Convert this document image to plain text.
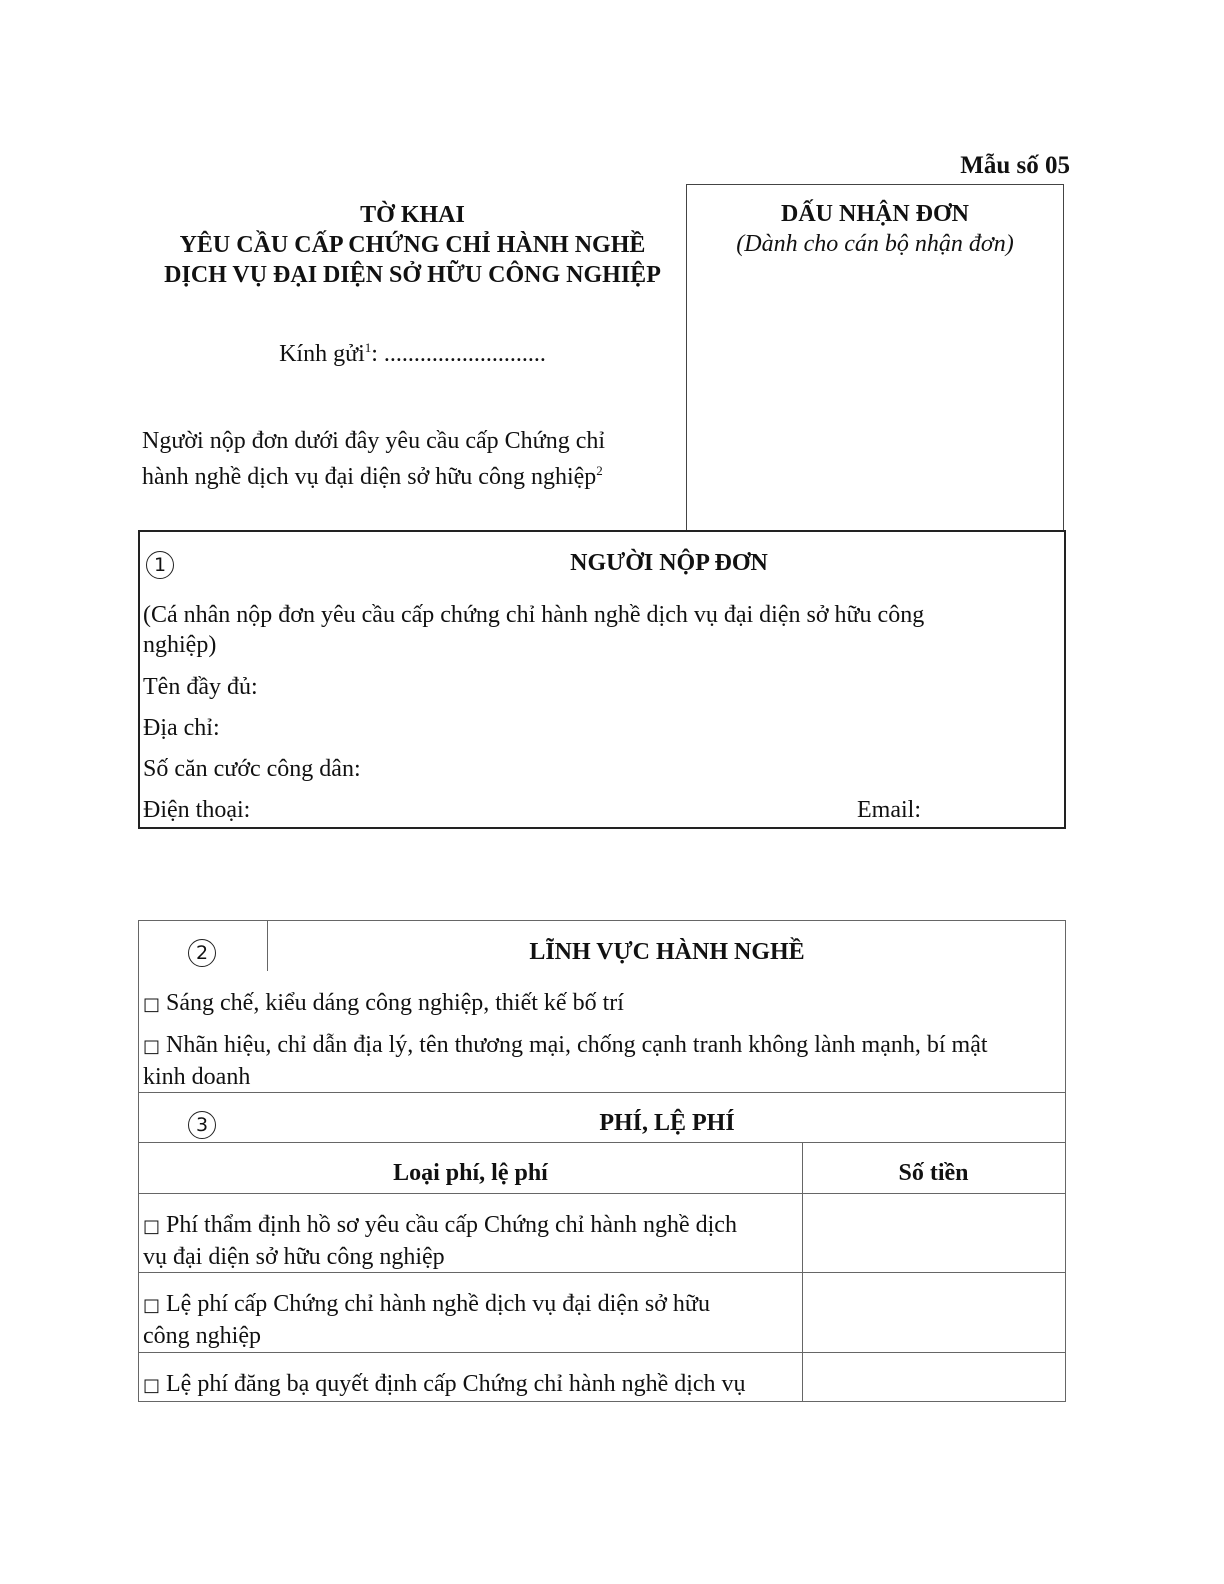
Mẫu số 05
TỜ KHAI
YÊU CẦU CẤP CHỨNG CHỈ HÀNH NGHỀ
DỊCH VỤ ĐẠI DIỆN SỞ HỮU CÔNG NGHIỆP
Kính gửi$^1$: ...........................
Người nộp đơn dưới đây yêu cầu cấp Chứng chỉ
hành nghề dịch vụ đại diện sở hữu công nghiệp$^2$
DẤU NHẬN ĐƠN
(Dành cho cán bộ nhận đơn)
1	NGƯỜI NỘP ĐƠN
(Cá nhân nộp đơn yêu cầu cấp chứng chỉ hành nghề dịch vụ đại diện sở hữu công
nghiệp)
Tên đầy đủ:
Địa chỉ:
Số căn cước công dân:
Điện thoại:	Email:
2	LĨNH VỰC HÀNH NGHỀ
□ Sáng chế, kiểu dáng công nghiệp, thiết kế bố trí
□ Nhãn hiệu, chỉ dẫn địa lý, tên thương mại, chống cạnh tranh không lành mạnh, bí mật
kinh doanh
3	PHÍ, LỆ PHÍ
Loại phí, lệ phí	Số tiền
□ Phí thẩm định hồ sơ yêu cầu cấp Chứng chỉ hành nghề dịch
vụ đại diện sở hữu công nghiệp
□ Lệ phí cấp Chứng chỉ hành nghề dịch vụ đại diện sở hữu
công nghiệp
□ Lệ phí đăng bạ quyết định cấp Chứng chỉ hành nghề dịch vụ
